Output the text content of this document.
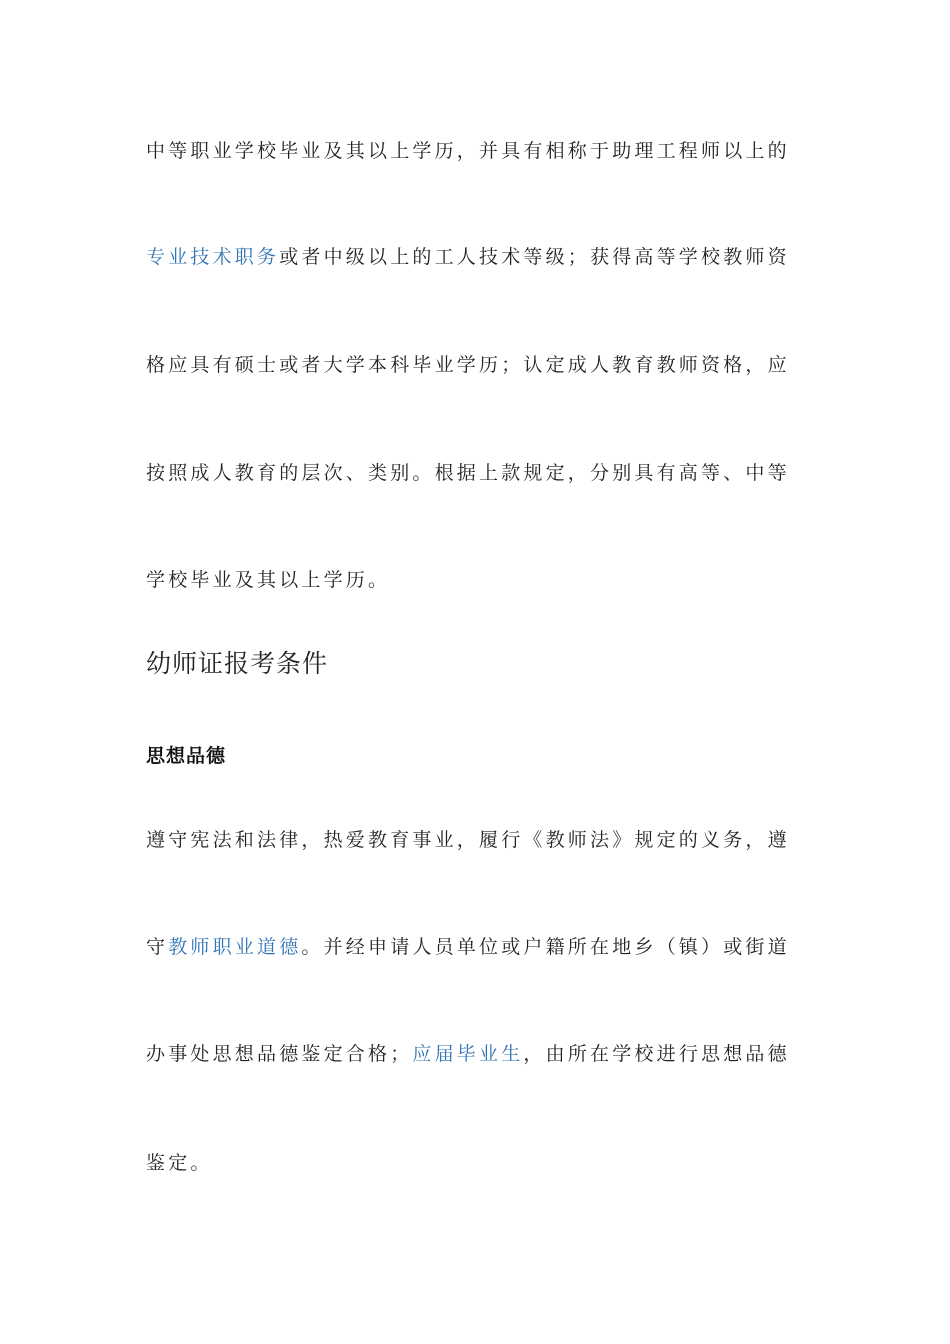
中等职业学校毕业及其以上学历，并具有相称于助理工程师以上的
专业技术职务或者中级以上的工人技术等级；获得高等学校教师资
格应具有硕士或者大学本科毕业学历；认定成人教育教师资格，应
按照成人教育的层次、类别。根据上款规定，分别具有高等、中等
学校毕业及其以上学历。
幼师证报考条件
思想品德
遵守宪法和法律，热爱教育事业，履行《教师法》规定的义务，遵
守教师职业道德。并经申请人员单位或户籍所在地乡（镇）或街道
办事处思想品德鉴定合格；应届毕业生，由所在学校进行思想品德
鉴定。
